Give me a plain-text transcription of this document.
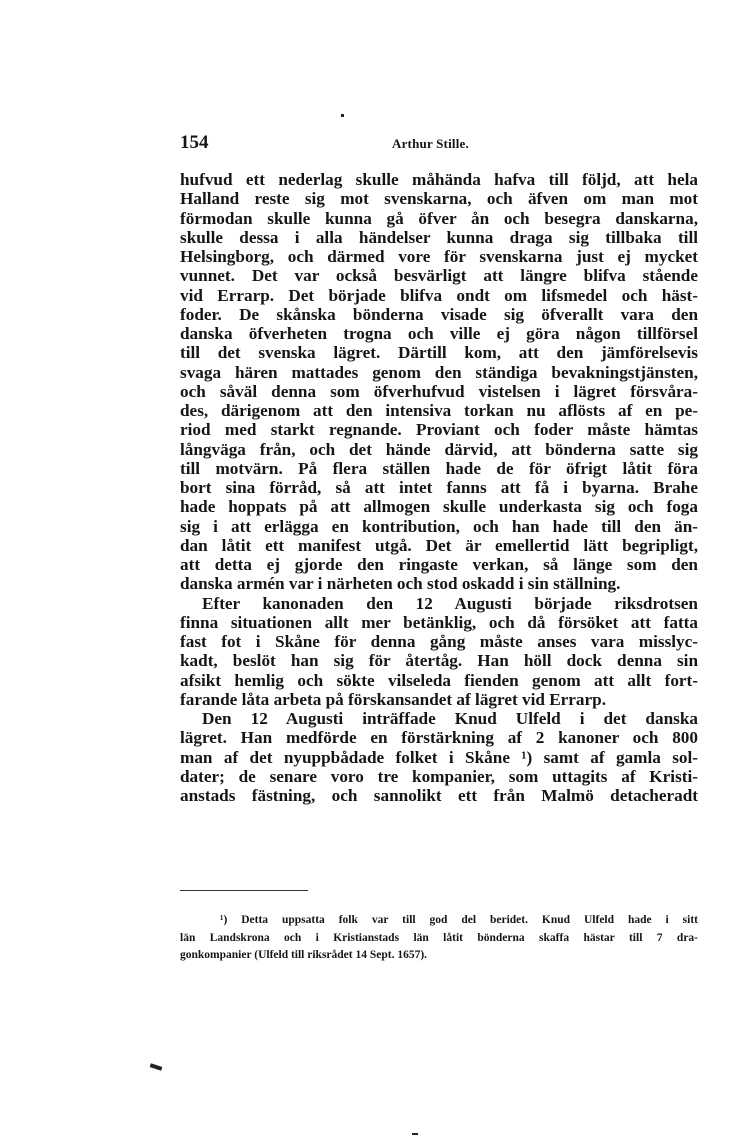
154	Arthur Stille.
hufvud ett nederlag skulle måhända hafva till följd, att hela
Halland reste sig mot svenskarna, och äfven om man mot
förmodan skulle kunna gå öfver ån och besegra danskarna,
skulle dessa i alla händelser kunna draga sig tillbaka till
Helsingborg, och därmed vore för svenskarna just ej mycket
vunnet. Det var också besvärligt att längre blifva stående
vid Errarp. Det började blifva ondt om lifsmedel och häst-
foder. De skånska bönderna visade sig öfverallt vara den
danska öfverheten trogna och ville ej göra någon tillförsel
till det svenska lägret. Därtill kom, att den jämförelsevis
svaga hären mattades genom den ständiga bevakningstjänsten,
och såväl denna som öfverhufvud vistelsen i lägret försvåra-
des, därigenom att den intensiva torkan nu aflösts af en pe-
riod med starkt regnande. Proviant och foder måste hämtas
långväga från, och det hände därvid, att bönderna satte sig
till motvärn. På flera ställen hade de för öfrigt låtit föra
bort sina förråd, så att intet fanns att få i byarna. Brahe
hade hoppats på att allmogen skulle underkasta sig och foga
sig i att erlägga en kontribution, och han hade till den än-
dan låtit ett manifest utgå. Det är emellertid lätt begripligt,
att detta ej gjorde den ringaste verkan, så länge som den
danska armén var i närheten och stod oskadd i sin ställning.
Efter kanonaden den 12 Augusti började riksdrotsen
finna situationen allt mer betänklig, och då försöket att fatta
fast fot i Skåne för denna gång måste anses vara misslyc-
kadt, beslöt han sig för återtåg. Han höll dock denna sin
afsikt hemlig och sökte vilseleda fienden genom att allt fort-
farande låta arbeta på förskansandet af lägret vid Errarp.
Den 12 Augusti inträffade Knud Ulfeld i det danska
lägret. Han medförde en förstärkning af 2 kanoner och 800
man af det nyuppbådade folket i Skåne ¹) samt af gamla sol-
dater; de senare voro tre kompanier, som uttagits af Kristi-
anstads fästning, och sannolikt ett från Malmö detacheradt
¹) Detta uppsatta folk var till god del beridet. Knud Ulfeld hade i sitt
län Landskrona och i Kristianstads län låtit bönderna skaffa hästar till 7 dra-
gonkompanier (Ulfeld till riksrådet 14 Sept. 1657).
